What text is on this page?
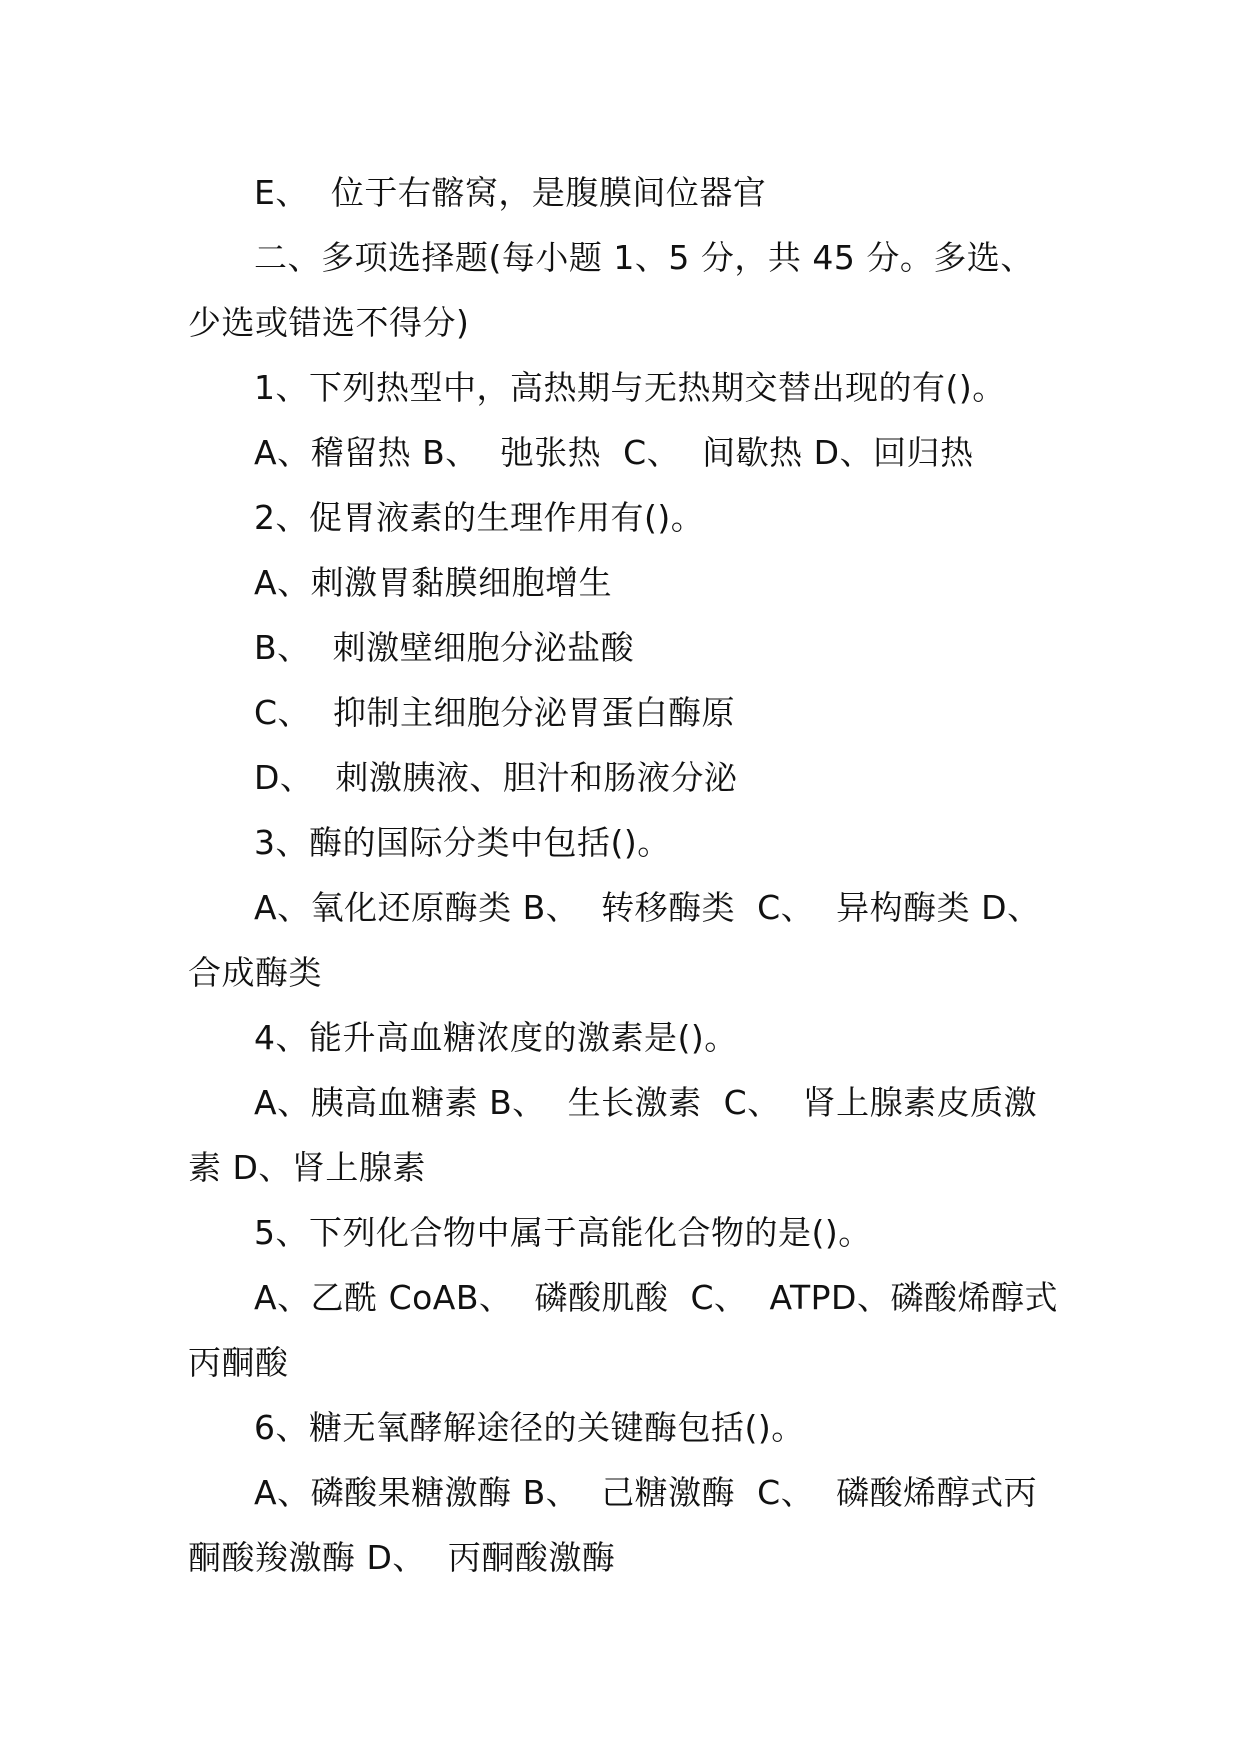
E、  位于右髂窝，是腹膜间位器官
二、多项选择题(每小题 1、5 分，共 45 分。多选、
少选或错选不得分)
1、下列热型中，高热期与无热期交替出现的有()。
A、稽留热 B、  弛张热  C、  间歇热 D、回归热
2、促胃液素的生理作用有()。
A、刺激胃黏膜细胞增生
B、  刺激壁细胞分泌盐酸
C、  抑制主细胞分泌胃蛋白酶原
D、  刺激胰液、胆汁和肠液分泌
3、酶的国际分类中包括()。
A、氧化还原酶类 B、  转移酶类  C、  异构酶类 D、
合成酶类
4、能升高血糖浓度的激素是()。
A、胰高血糖素 B、  生长激素  C、  肾上腺素皮质激
素 D、肾上腺素
5、下列化合物中属于高能化合物的是()。
A、乙酰 CoAB、  磷酸肌酸  C、  ATPD、磷酸烯醇式
丙酮酸
6、糖无氧酵解途径的关键酶包括()。
A、磷酸果糖激酶 B、  己糖激酶  C、  磷酸烯醇式丙
酮酸羧激酶 D、  丙酮酸激酶
